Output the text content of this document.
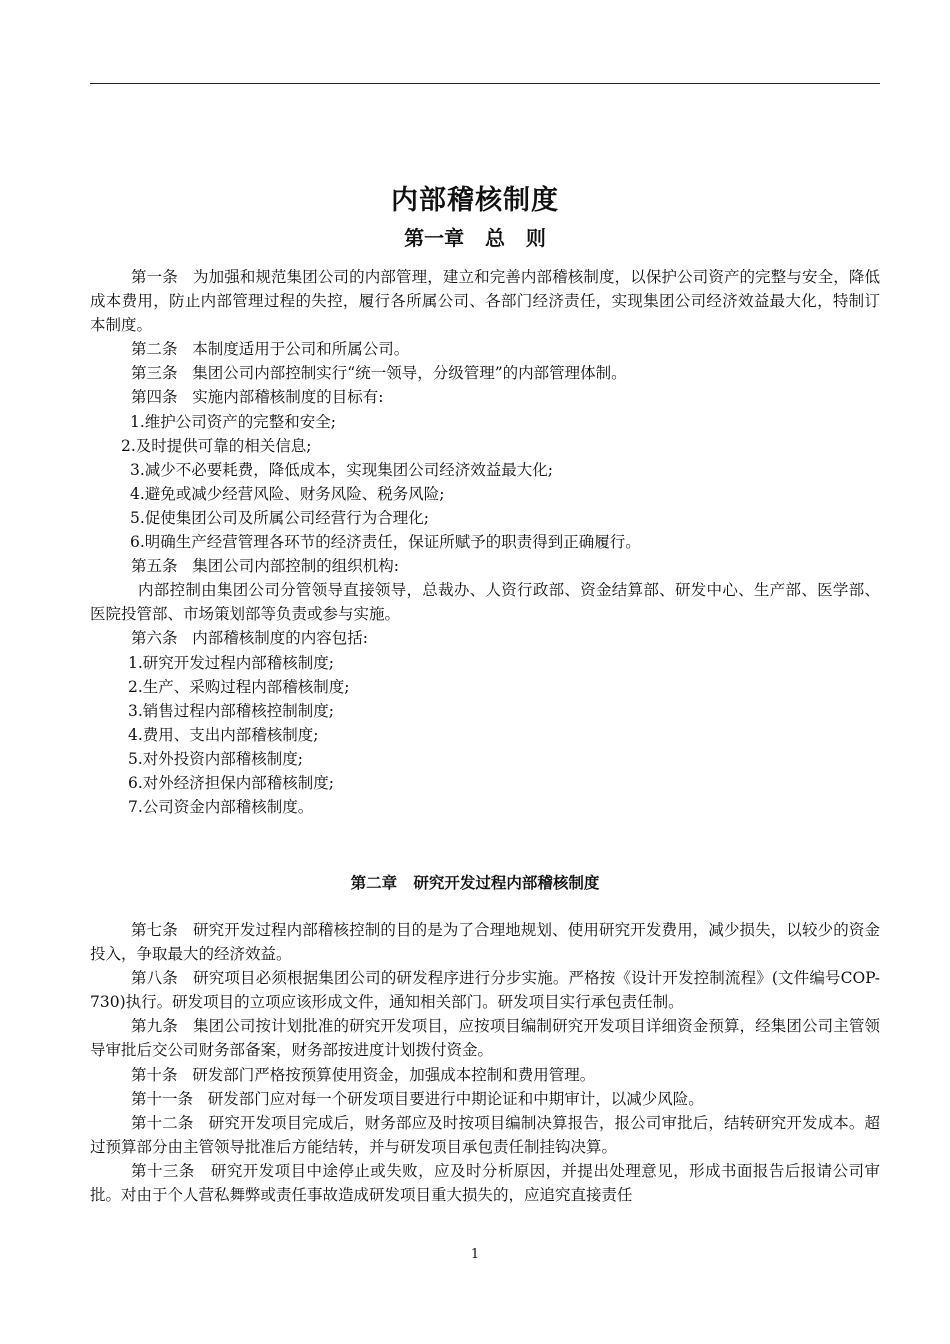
内部稽核制度
第一章   总   则

第一条   为加强和规范集团公司的内部管理，建立和完善内部稽核制度，以保护公司资产的完整与安全，降低成本费用，防止内部管理过程的失控，履行各所属公司、各部门经济责任，实现集团公司经济效益最大化，特制订本制度。

第二条   本制度适用于公司和所属公司。

第三条   集团公司内部控制实行“统一领导，分级管理”的内部管理体制。

第四条   实施内部稽核制度的目标有:

1.维护公司资产的完整和安全;

2.及时提供可靠的相关信息;

3.减少不必要耗费，降低成本，实现集团公司经济效益最大化;

4.避免或减少经营风险、财务风险、税务风险;

5.促使集团公司及所属公司经营行为合理化;

6.明确生产经营管理各环节的经济责任，保证所赋予的职责得到正确履行。

第五条   集团公司内部控制的组织机构:

内部控制由集团公司分管领导直接领导，总裁办、人资行政部、资金结算部、研发中心、生产部、医学部、医院投管部、市场策划部等负责或参与实施。

第六条   内部稽核制度的内容包括:

1.研究开发过程内部稽核制度;

2.生产、采购过程内部稽核制度;

3.销售过程内部稽核控制制度;

4.费用、支出内部稽核制度;

5.对外投资内部稽核制度;

6.对外经济担保内部稽核制度;

7.公司资金内部稽核制度。

第二章   研究开发过程内部稽核制度

第七条   研究开发过程内部稽核控制的目的是为了合理地规划、使用研究开发费用，减少损失，以较少的资金投入，争取最大的经济效益。

第八条   研究项目必须根据集团公司的研发程序进行分步实施。严格按《设计开发控制流程》(文件编号COP-730)执行。研发项目的立项应该形成文件，通知相关部门。研发项目实行承包责任制。

第九条   集团公司按计划批准的研究开发项目，应按项目编制研究开发项目详细资金预算，经集团公司主管领导审批后交公司财务部备案，财务部按进度计划拨付资金。

第十条   研发部门严格按预算使用资金，加强成本控制和费用管理。

第十一条   研发部门应对每一个研发项目要进行中期论证和中期审计，以减少风险。

第十二条   研究开发项目完成后，财务部应及时按项目编制决算报告，报公司审批后，结转研究开发成本。超过预算部分由主管领导批准后方能结转，并与研发项目承包责任制挂钩决算。

第十三条   研究开发项目中途停止或失败，应及时分析原因，并提出处理意见，形成书面报告后报请公司审批。对由于个人营私舞弊或责任事故造成研发项目重大损失的，应追究直接责任

1
